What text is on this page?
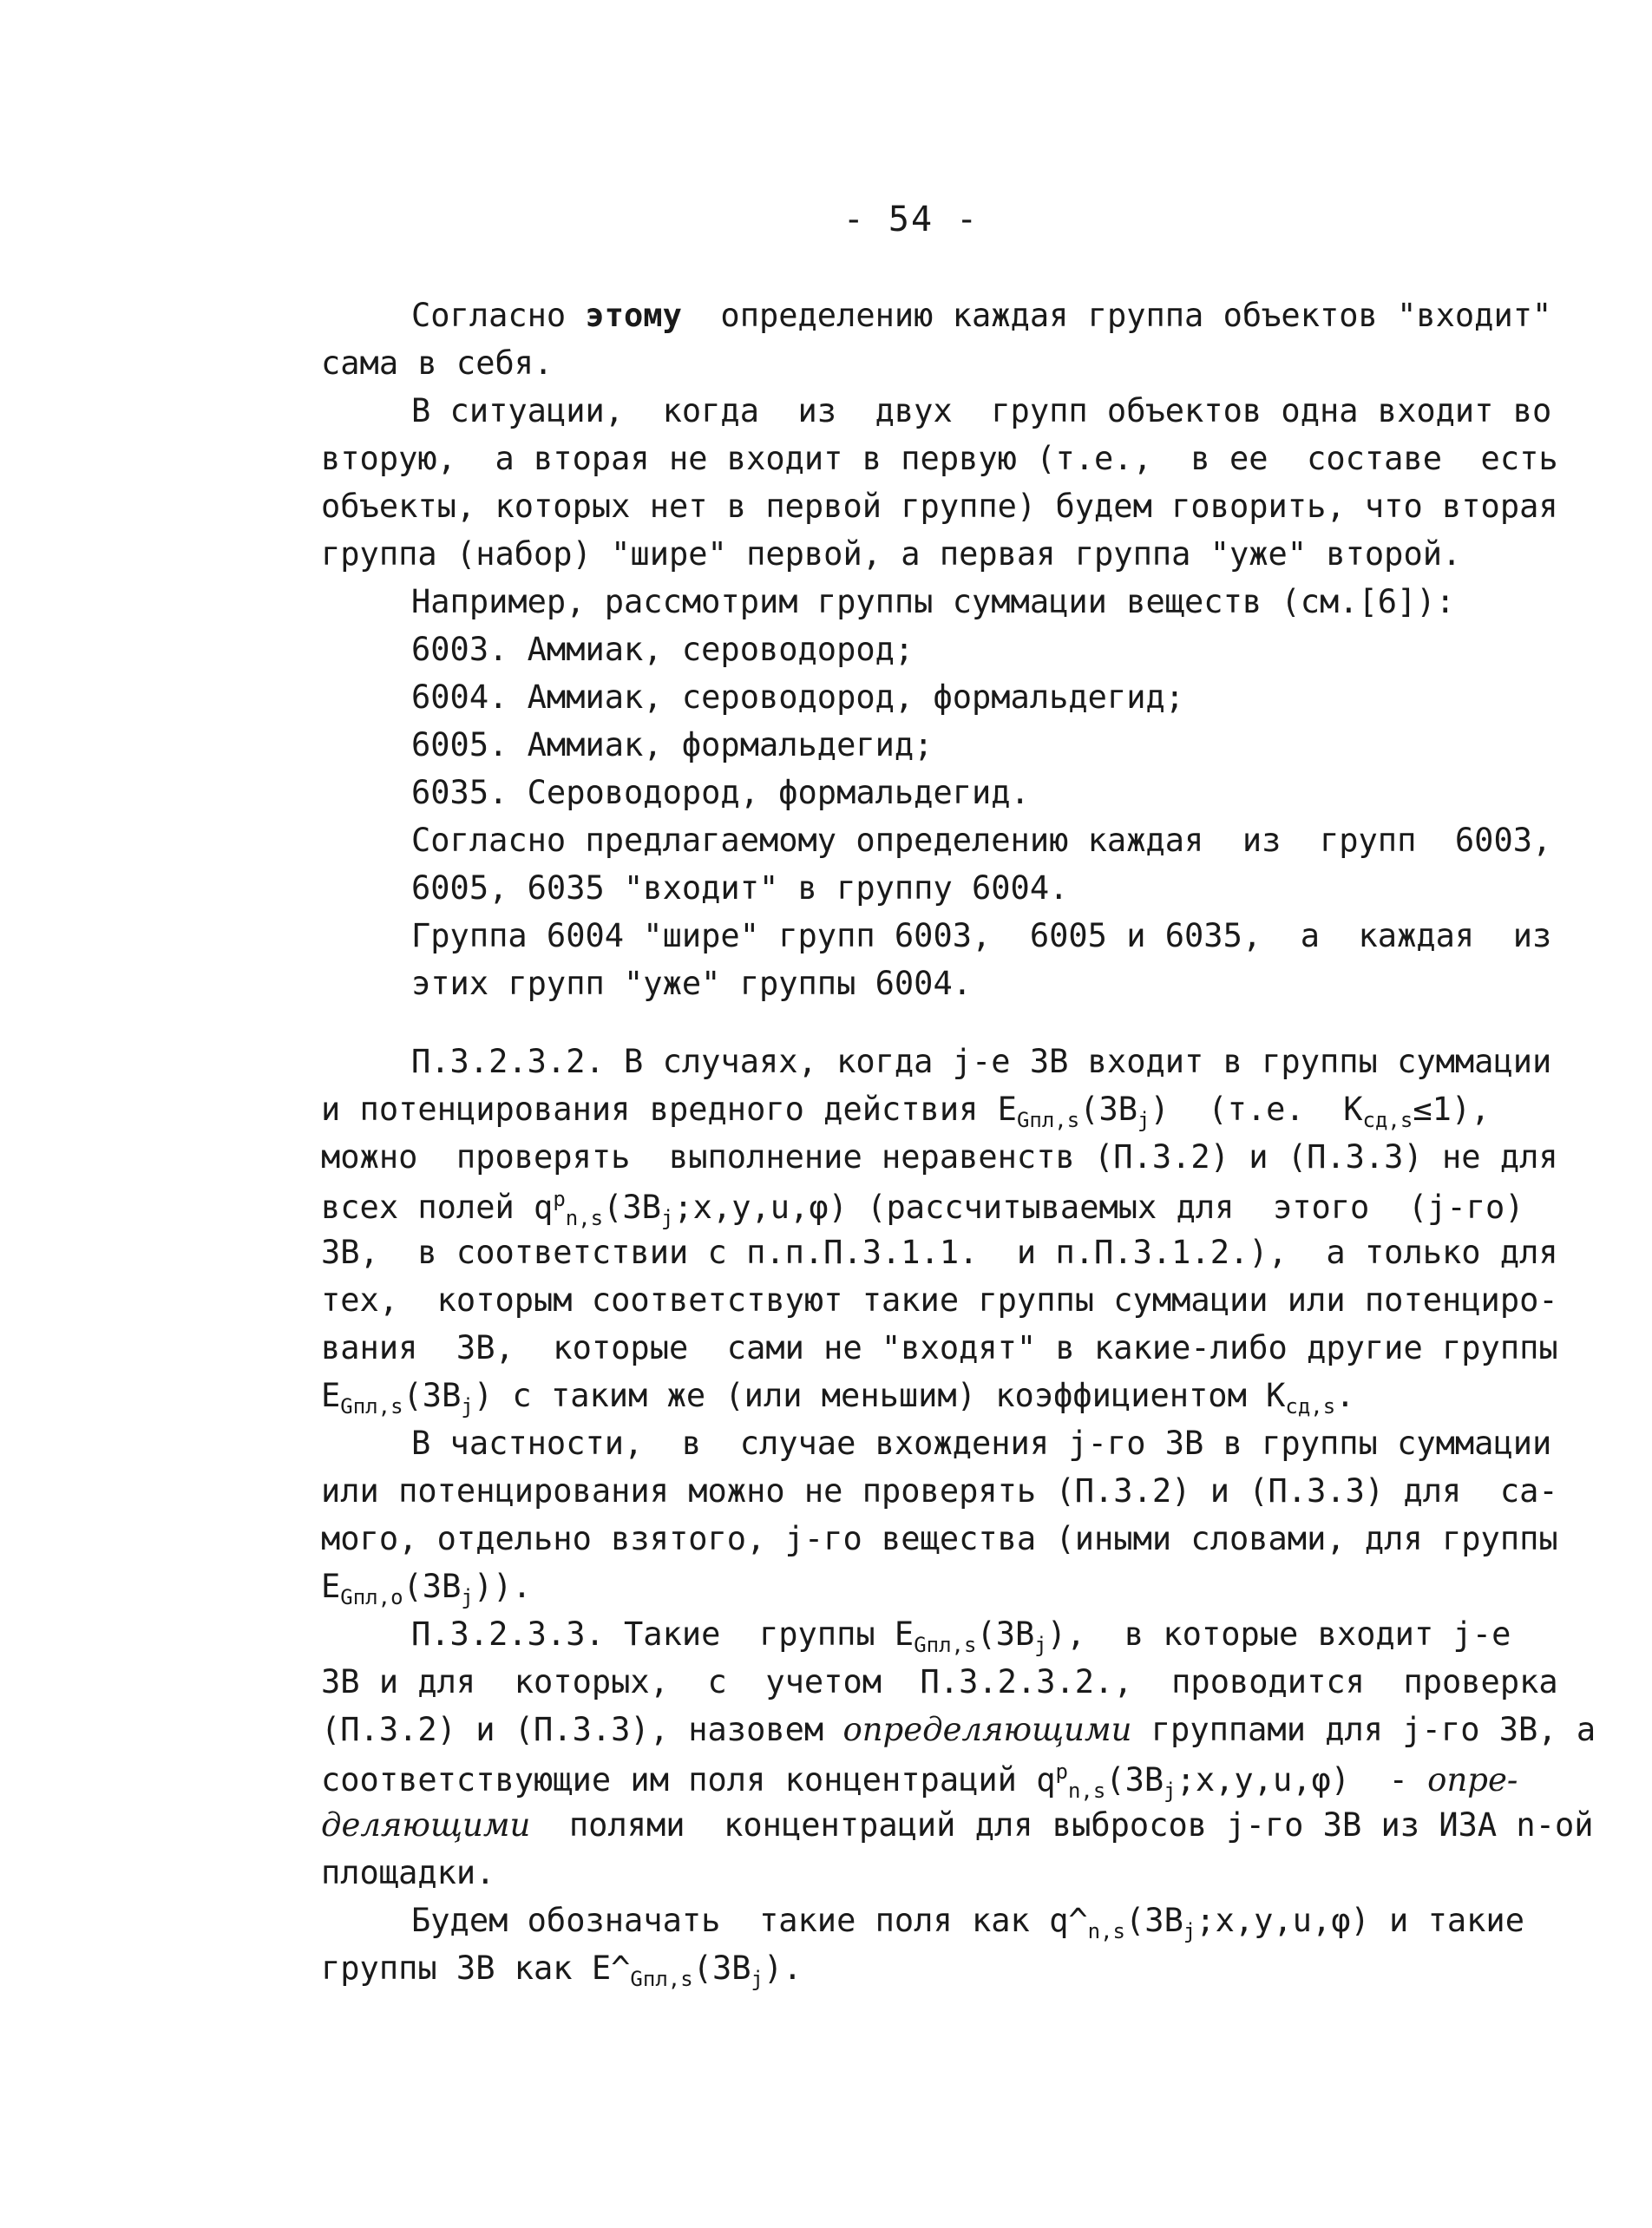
- 54 -
Согласно этому  определению каждая группа объектов "входит"
сама в себя.
В ситуации,  когда  из  двух  групп объектов одна входит во
вторую,  а вторая не входит в первую (т.е.,  в ее  составе  есть
объекты, которых нет в первой группе) будем говорить, что вторая
группа (набор) "шире" первой, а первая группа "уже" второй.
Например, рассмотрим группы суммации веществ (см.[6]):
6003. Аммиак, сероводород;
6004. Аммиак, сероводород, формальдегид;
6005. Аммиак, формальдегид;
6035. Сероводород, формальдегид.
Согласно предлагаемому определению каждая  из  групп  6003,
6005, 6035 "входит" в группу 6004.
Группа 6004 "шире" групп 6003,  6005 и 6035,  а  каждая  из
этих групп "уже" группы 6004.
П.3.2.3.2. В случаях, когда j-е ЗВ входит в группы суммации
и потенцирования вредного действия $E_{Gпл,s}(ЗВ_j)$  (т.е.  $K_{сд,s}\le 1$),
можно  проверять  выполнение неравенств (П.3.2) и (П.3.3) не для
всех полей $q^p_{n,s}(ЗВ_j;x,y,u,\varphi)$ (рассчитываемых для  этого  (j-го)
ЗВ,  в соответствии с п.п.П.3.1.1.  и п.П.3.1.2.),  а только для
тех,  которым соответствуют такие группы суммации или потенциро-
вания  ЗВ,  которые  сами не "входят" в какие-либо другие группы
$E_{Gпл,s}(ЗВ_j)$ с таким же (или меньшим) коэффициентом $K_{сд,s}$.
В частности,  в  случае вхождения j-го ЗВ в группы суммации
или потенцирования можно не проверять (П.3.2) и (П.3.3) для  са-
мого, отдельно взятого, j-го вещества (иными словами, для группы
$E_{Gпл,o}(ЗВ_j)$).
П.3.2.3.3. Такие  группы $E_{Gпл,s}(ЗВ_j)$,  в которые входит j-е
ЗВ и для  которых,  с  учетом  П.3.2.3.2.,  проводится  проверка
(П.3.2) и (П.3.3), назовем определяющими группами для j-го ЗВ, а
соответствующие им поля концентраций $q^p_{n,s}(ЗВ_j;x,y,u,\varphi)$  - опре-
деляющими  полями  концентраций для выбросов j-го ЗВ из ИЗА n-ой
площадки.
Будем обозначать  такие поля как $q\^{}_{n,s}(ЗВ_j;x,y,u,\varphi)$ и такие
группы ЗВ как $E\^{}_{Gпл,s}(ЗВ_j)$.
